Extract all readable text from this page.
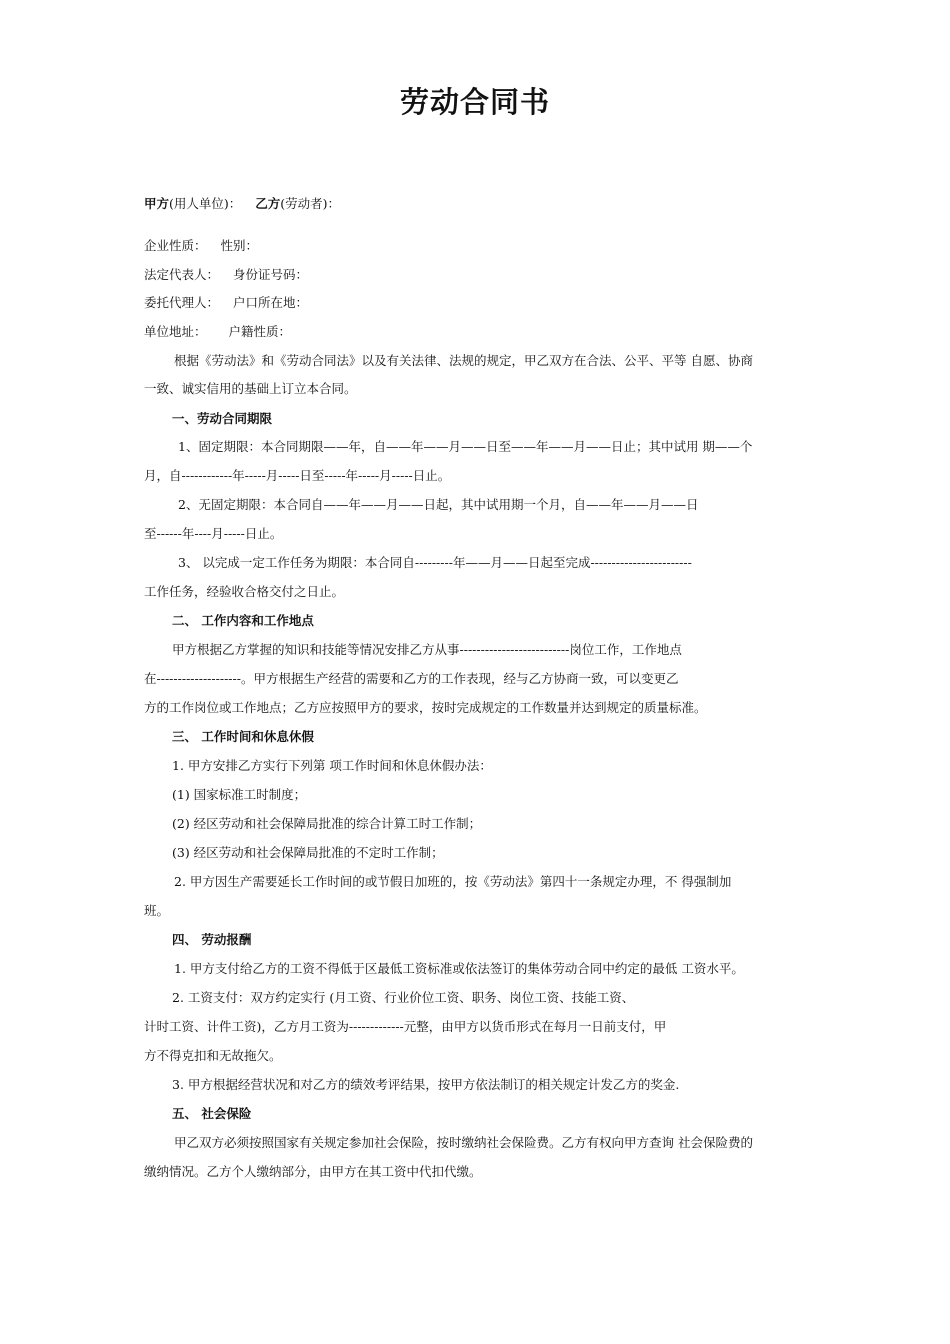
劳动合同书
甲方(用人单位)： 乙方(劳动者)：
企业性质： 性别：
法定代表人： 身份证号码：
委托代理人： 户口所在地：
单位地址： 户籍性质：
根据《劳动法》和《劳动合同法》以及有关法律、法规的规定，甲乙双方在合法、公平、平等 自愿、协商
一致、诚实信用的基础上订立本合同。
一、劳动合同期限
1、固定期限：本合同期限——年，自——年——月——日至——年——月——日止；其中试用 期——个
月，自------------年-----月-----日至-----年-----月-----日止。
2、无固定期限：本合同自——年——月——日起，其中试用期一个月，自——年——月——日
至------年----月-----日止。
3、 以完成一定工作任务为期限：本合同自---------年——月——日起至完成------------------------
工作任务，经验收合格交付之日止。
二、 工作内容和工作地点
甲方根据乙方掌握的知识和技能等情况安排乙方从事--------------------------岗位工作，工作地点
在--------------------。甲方根据生产经营的需要和乙方的工作表现，经与乙方协商一致，可以变更乙
方的工作岗位或工作地点；乙方应按照甲方的要求，按时完成规定的工作数量并达到规定的质量标准。
三、 工作时间和休息休假
1. 甲方安排乙方实行下列第 项工作时间和休息休假办法：
(1) 国家标准工时制度；
(2) 经区劳动和社会保障局批准的综合计算工时工作制；
(3) 经区劳动和社会保障局批准的不定时工作制；
2. 甲方因生产需要延长工作时间的或节假日加班的，按《劳动法》第四十一条规定办理，不 得强制加
班。
四、 劳动报酬
1. 甲方支付给乙方的工资不得低于区最低工资标准或依法签订的集体劳动合同中约定的最低 工资水平。
2. 工资支付：双方约定实行 (月工资、行业价位工资、职务、岗位工资、技能工资、
计时工资、计件工资)，乙方月工资为-------------元整，由甲方以货币形式在每月一日前支付，甲
方不得克扣和无故拖欠。
3. 甲方根据经营状况和对乙方的绩效考评结果，按甲方依法制订的相关规定计发乙方的奖金.
五、 社会保险
甲乙双方必须按照国家有关规定参加社会保险，按时缴纳社会保险费。乙方有权向甲方查询 社会保险费的
缴纳情况。乙方个人缴纳部分，由甲方在其工资中代扣代缴。
